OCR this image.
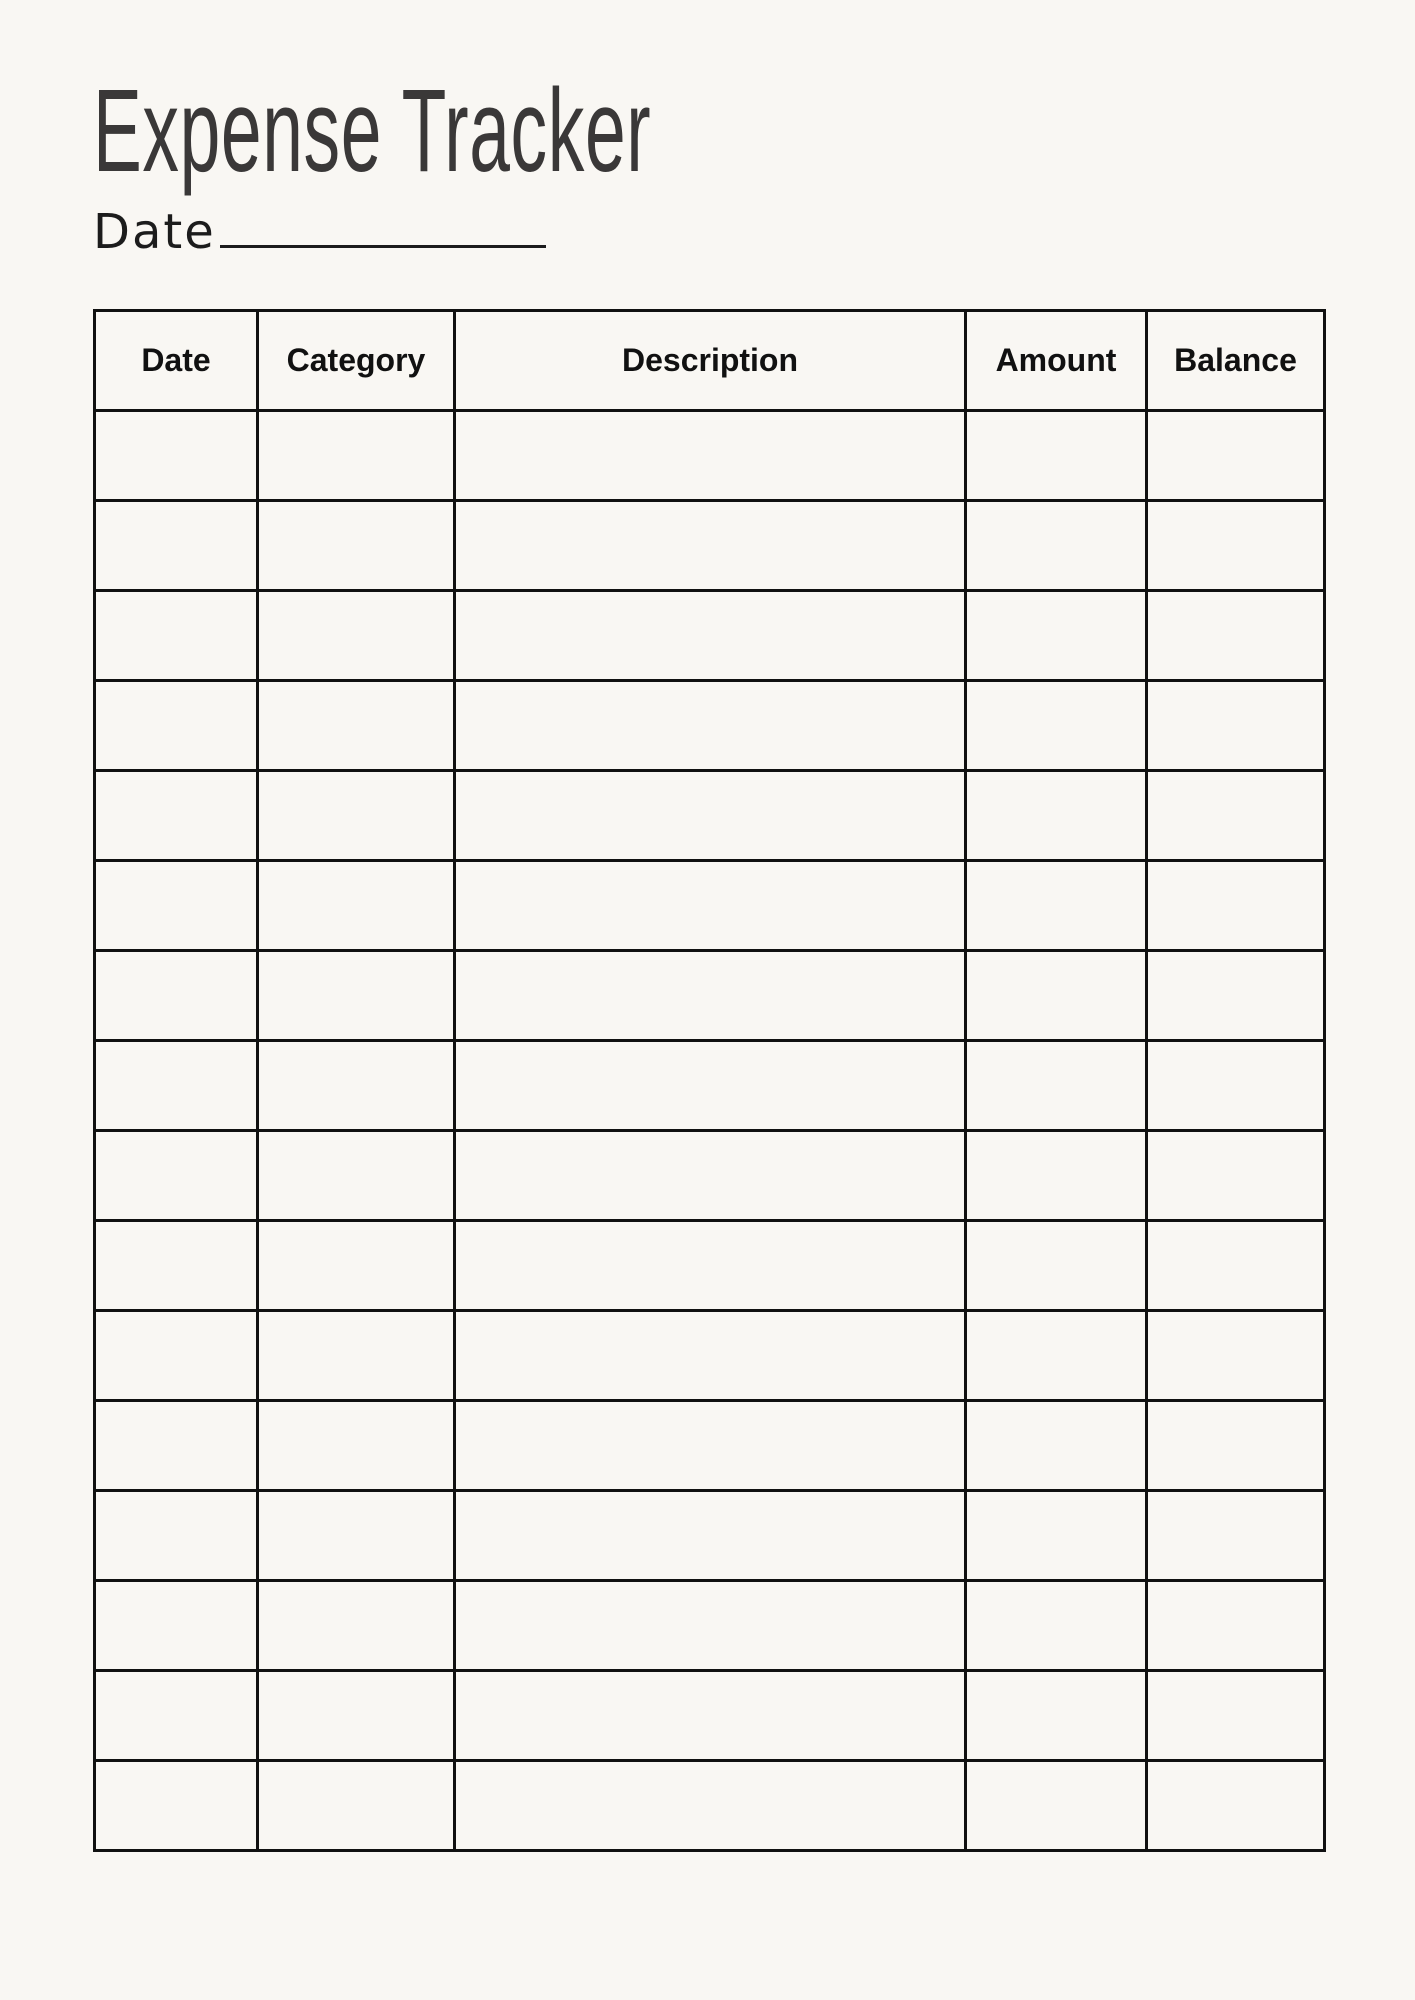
Expense Tracker
Date
Date	Category	Description	Amount	Balance
